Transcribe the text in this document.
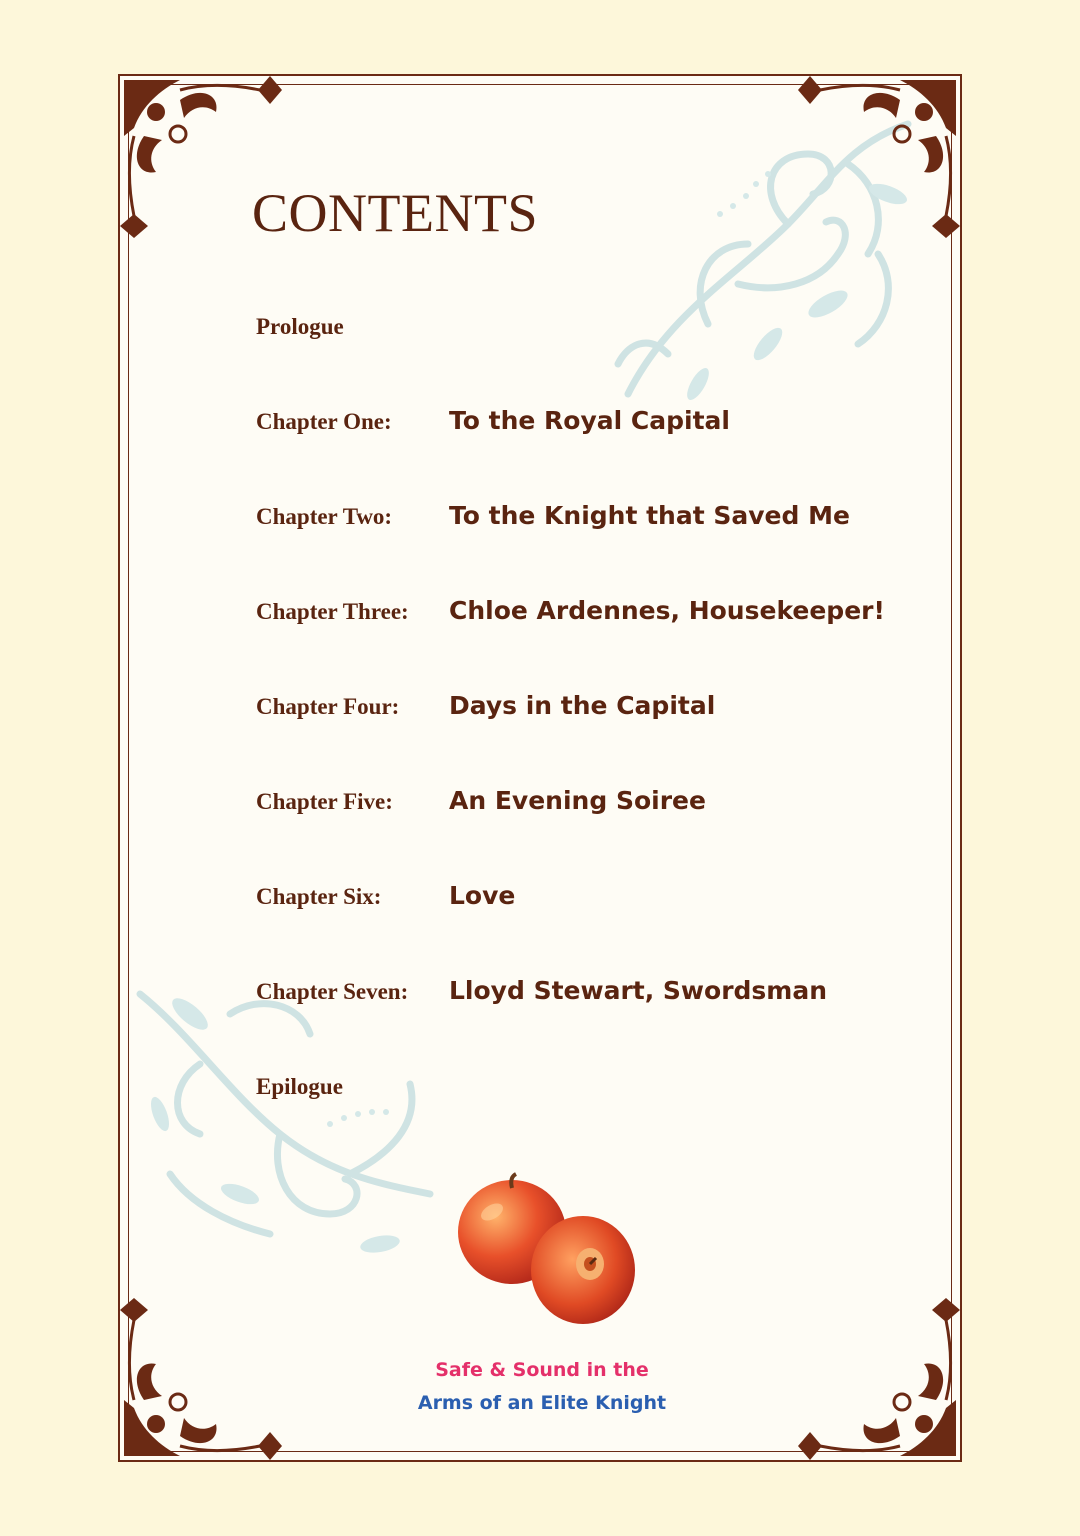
CONTENTS
Prologue
Chapter One: To the Royal Capital
Chapter Two: To the Knight that Saved Me
Chapter Three: Chloe Ardennes, Housekeeper!
Chapter Four: Days in the Capital
Chapter Five: An Evening Soiree
Chapter Six:	Love
Chapter Seven: Lloyd Stewart, Swordsman
Epilogue
Safe & Sound in the
Arms of an Elite Knight
